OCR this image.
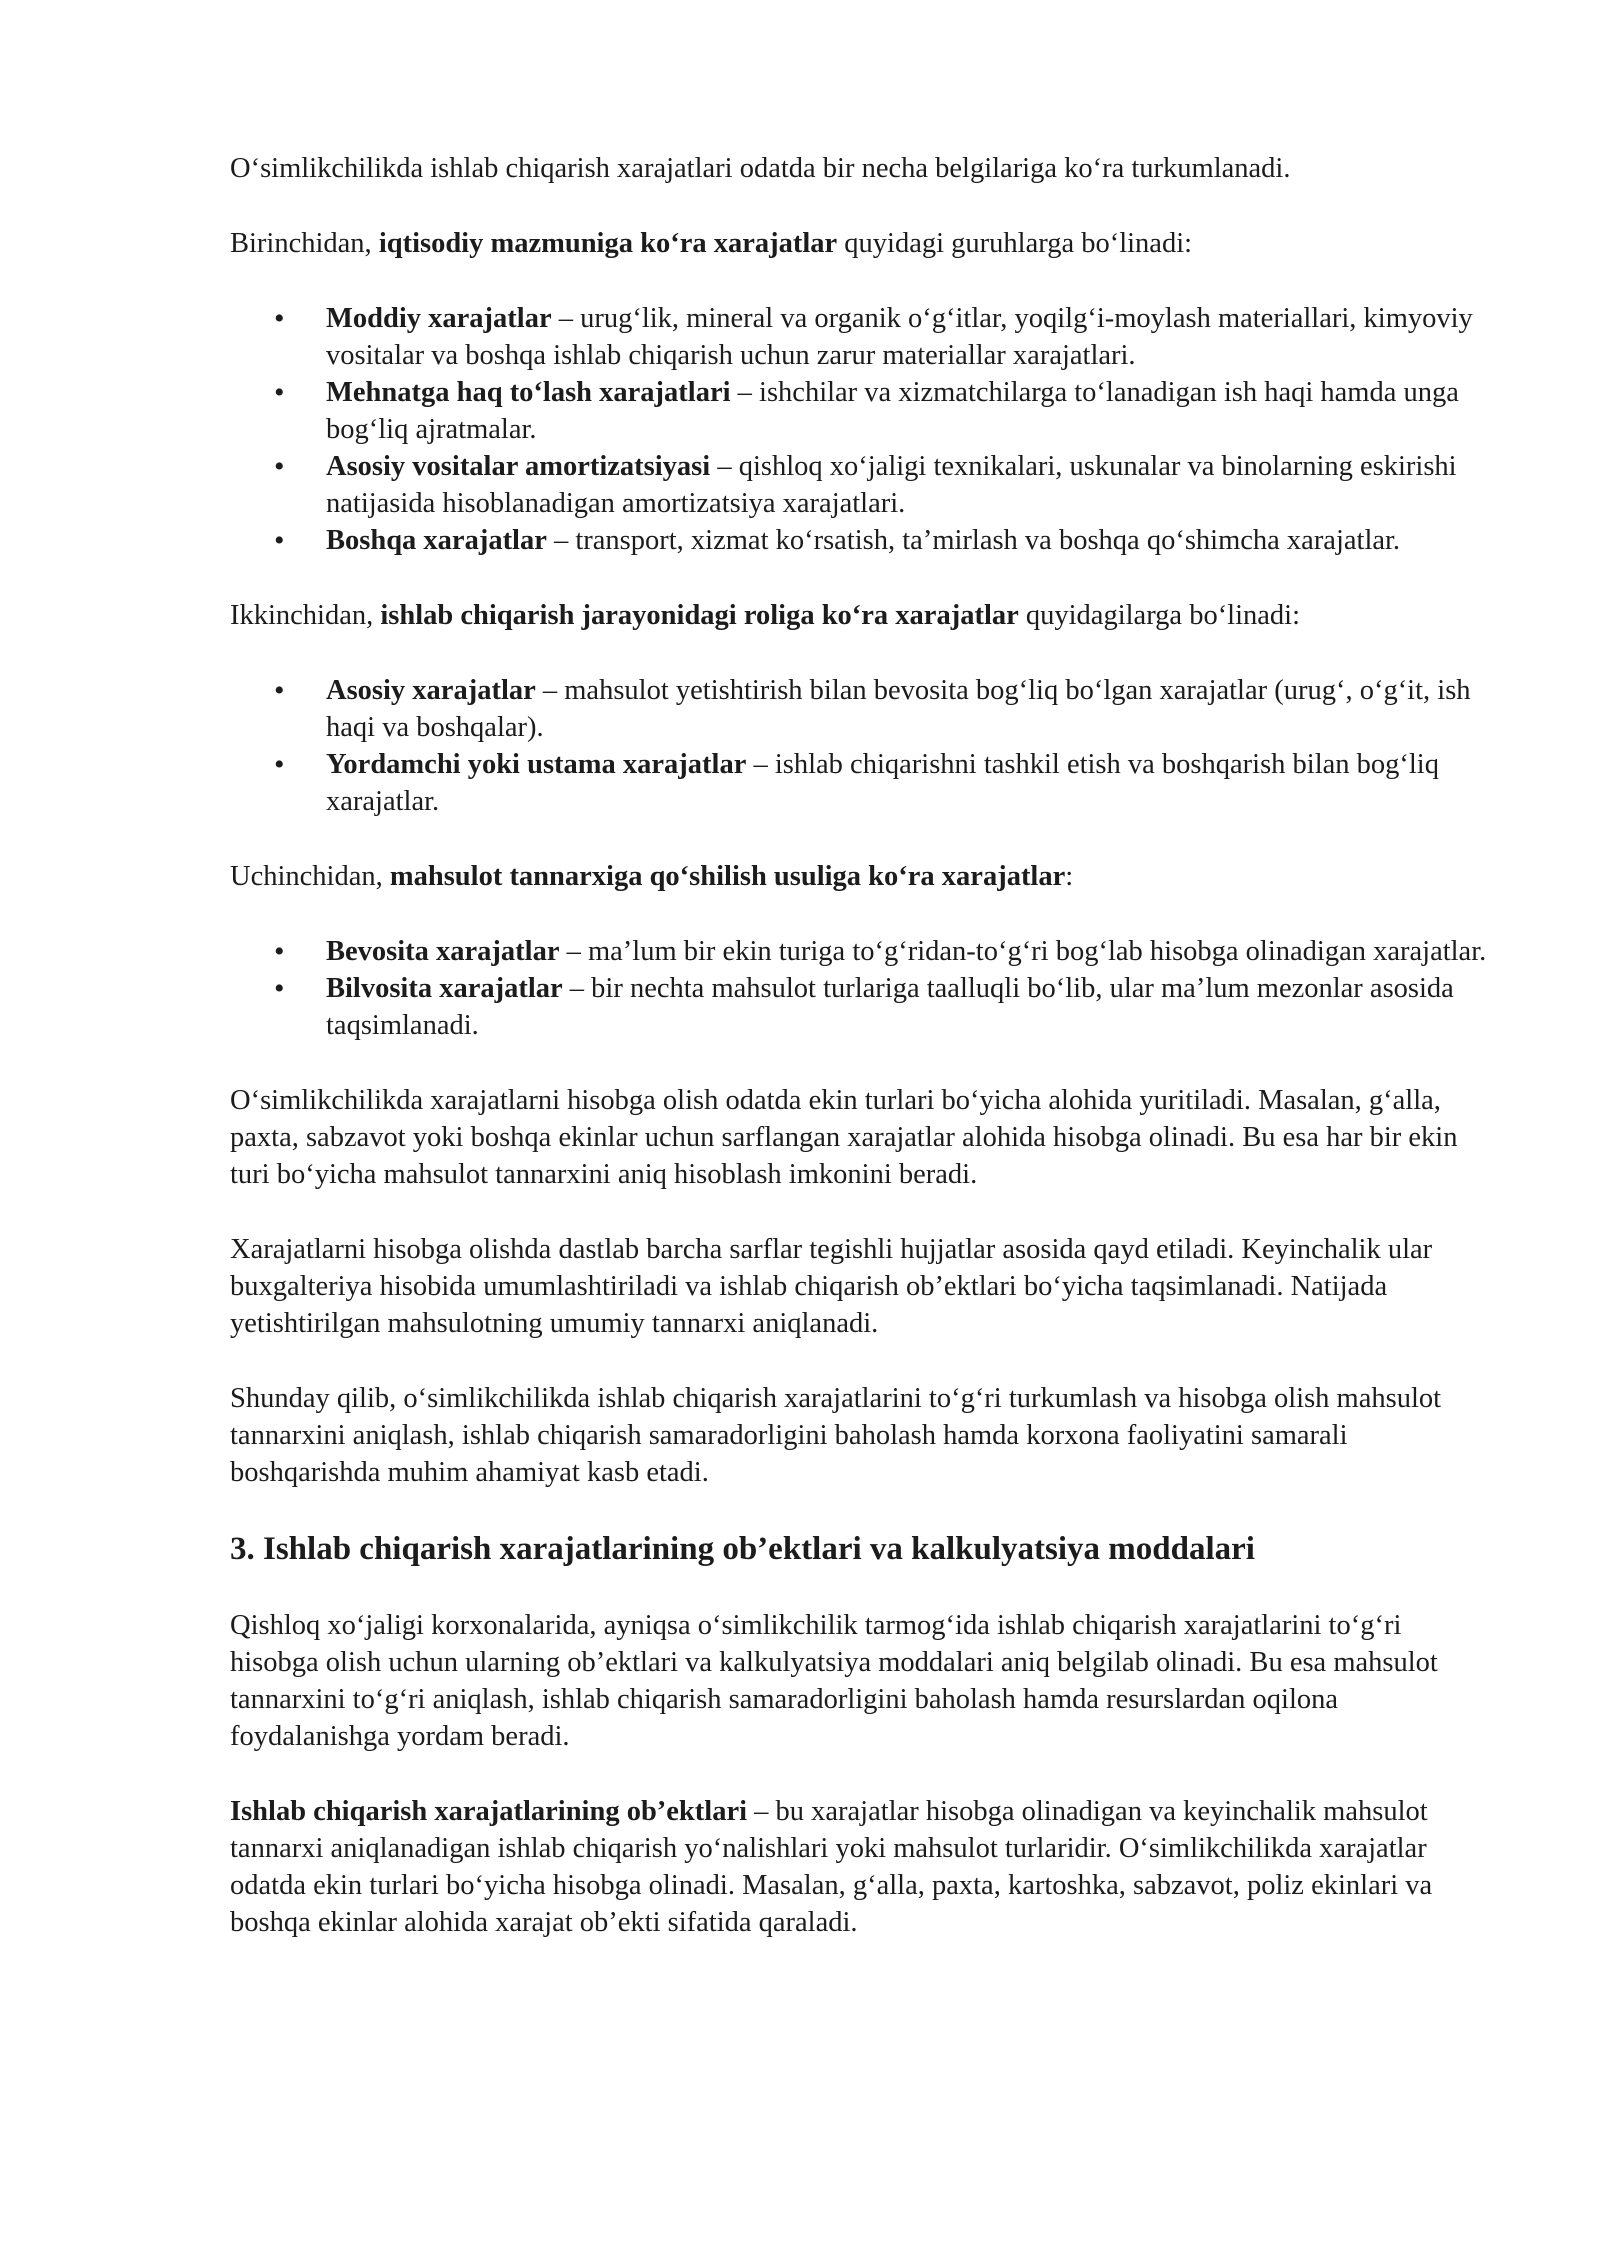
O‘simlikchilikda ishlab chiqarish xarajatlari odatda bir necha belgilariga ko‘ra turkumlanadi.

Birinchidan, iqtisodiy mazmuniga ko‘ra xarajatlar quyidagi guruhlarga bo‘linadi:

• Moddiy xarajatlar – urug‘lik, mineral va organik o‘g‘itlar, yoqilg‘i-moylash materiallari, kimyoviy vositalar va boshqa ishlab chiqarish uchun zarur materiallar xarajatlari.
• Mehnatga haq to‘lash xarajatlari – ishchilar va xizmatchilarga to‘lanadigan ish haqi hamda unga bog‘liq ajratmalar.
• Asosiy vositalar amortizatsiyasi – qishloq xo‘jaligi texnikalari, uskunalar va binolarning eskirishi natijasida hisoblanadigan amortizatsiya xarajatlari.
• Boshqa xarajatlar – transport, xizmat ko‘rsatish, ta’mirlash va boshqa qo‘shimcha xarajatlar.

Ikkinchidan, ishlab chiqarish jarayonidagi roliga ko‘ra xarajatlar quyidagilarga bo‘linadi:

• Asosiy xarajatlar – mahsulot yetishtirish bilan bevosita bog‘liq bo‘lgan xarajatlar (urug‘, o‘g‘it, ish haqi va boshqalar).
• Yordamchi yoki ustama xarajatlar – ishlab chiqarishni tashkil etish va boshqarish bilan bog‘liq xarajatlar.

Uchinchidan, mahsulot tannarxiga qo‘shilish usuliga ko‘ra xarajatlar:

• Bevosita xarajatlar – ma’lum bir ekin turiga to‘g‘ridan-to‘g‘ri bog‘lab hisobga olinadigan xarajatlar.
• Bilvosita xarajatlar – bir nechta mahsulot turlariga taalluqli bo‘lib, ular ma’lum mezonlar asosida taqsimlanadi.

O‘simlikchilikda xarajatlarni hisobga olish odatda ekin turlari bo‘yicha alohida yuritiladi. Masalan, g‘alla, paxta, sabzavot yoki boshqa ekinlar uchun sarflangan xarajatlar alohida hisobga olinadi. Bu esa har bir ekin turi bo‘yicha mahsulot tannarxini aniq hisoblash imkonini beradi.

Xarajatlarni hisobga olishda dastlab barcha sarflar tegishli hujjatlar asosida qayd etiladi. Keyinchalik ular buxgalteriya hisobida umumlashtiriladi va ishlab chiqarish ob’ektlari bo‘yicha taqsimlanadi. Natijada yetishtirilgan mahsulotning umumiy tannarxi aniqlanadi.

Shunday qilib, o‘simlikchilikda ishlab chiqarish xarajatlarini to‘g‘ri turkumlash va hisobga olish mahsulot tannarxini aniqlash, ishlab chiqarish samaradorligini baholash hamda korxona faoliyatini samarali boshqarishda muhim ahamiyat kasb etadi.

3. Ishlab chiqarish xarajatlarining ob’ektlari va kalkulyatsiya moddalari

Qishloq xo‘jaligi korxonalarida, ayniqsa o‘simlikchilik tarmog‘ida ishlab chiqarish xarajatlarini to‘g‘ri hisobga olish uchun ularning ob’ektlari va kalkulyatsiya moddalari aniq belgilab olinadi. Bu esa mahsulot tannarxini to‘g‘ri aniqlash, ishlab chiqarish samaradorligini baholash hamda resurslardan oqilona foydalanishga yordam beradi.

Ishlab chiqarish xarajatlarining ob’ektlari – bu xarajatlar hisobga olinadigan va keyinchalik mahsulot tannarxi aniqlanadigan ishlab chiqarish yo‘nalishlari yoki mahsulot turlaridir. O‘simlikchilikda xarajatlar odatda ekin turlari bo‘yicha hisobga olinadi. Masalan, g‘alla, paxta, kartoshka, sabzavot, poliz ekinlari va boshqa ekinlar alohida xarajat ob’ekti sifatida qaraladi.
